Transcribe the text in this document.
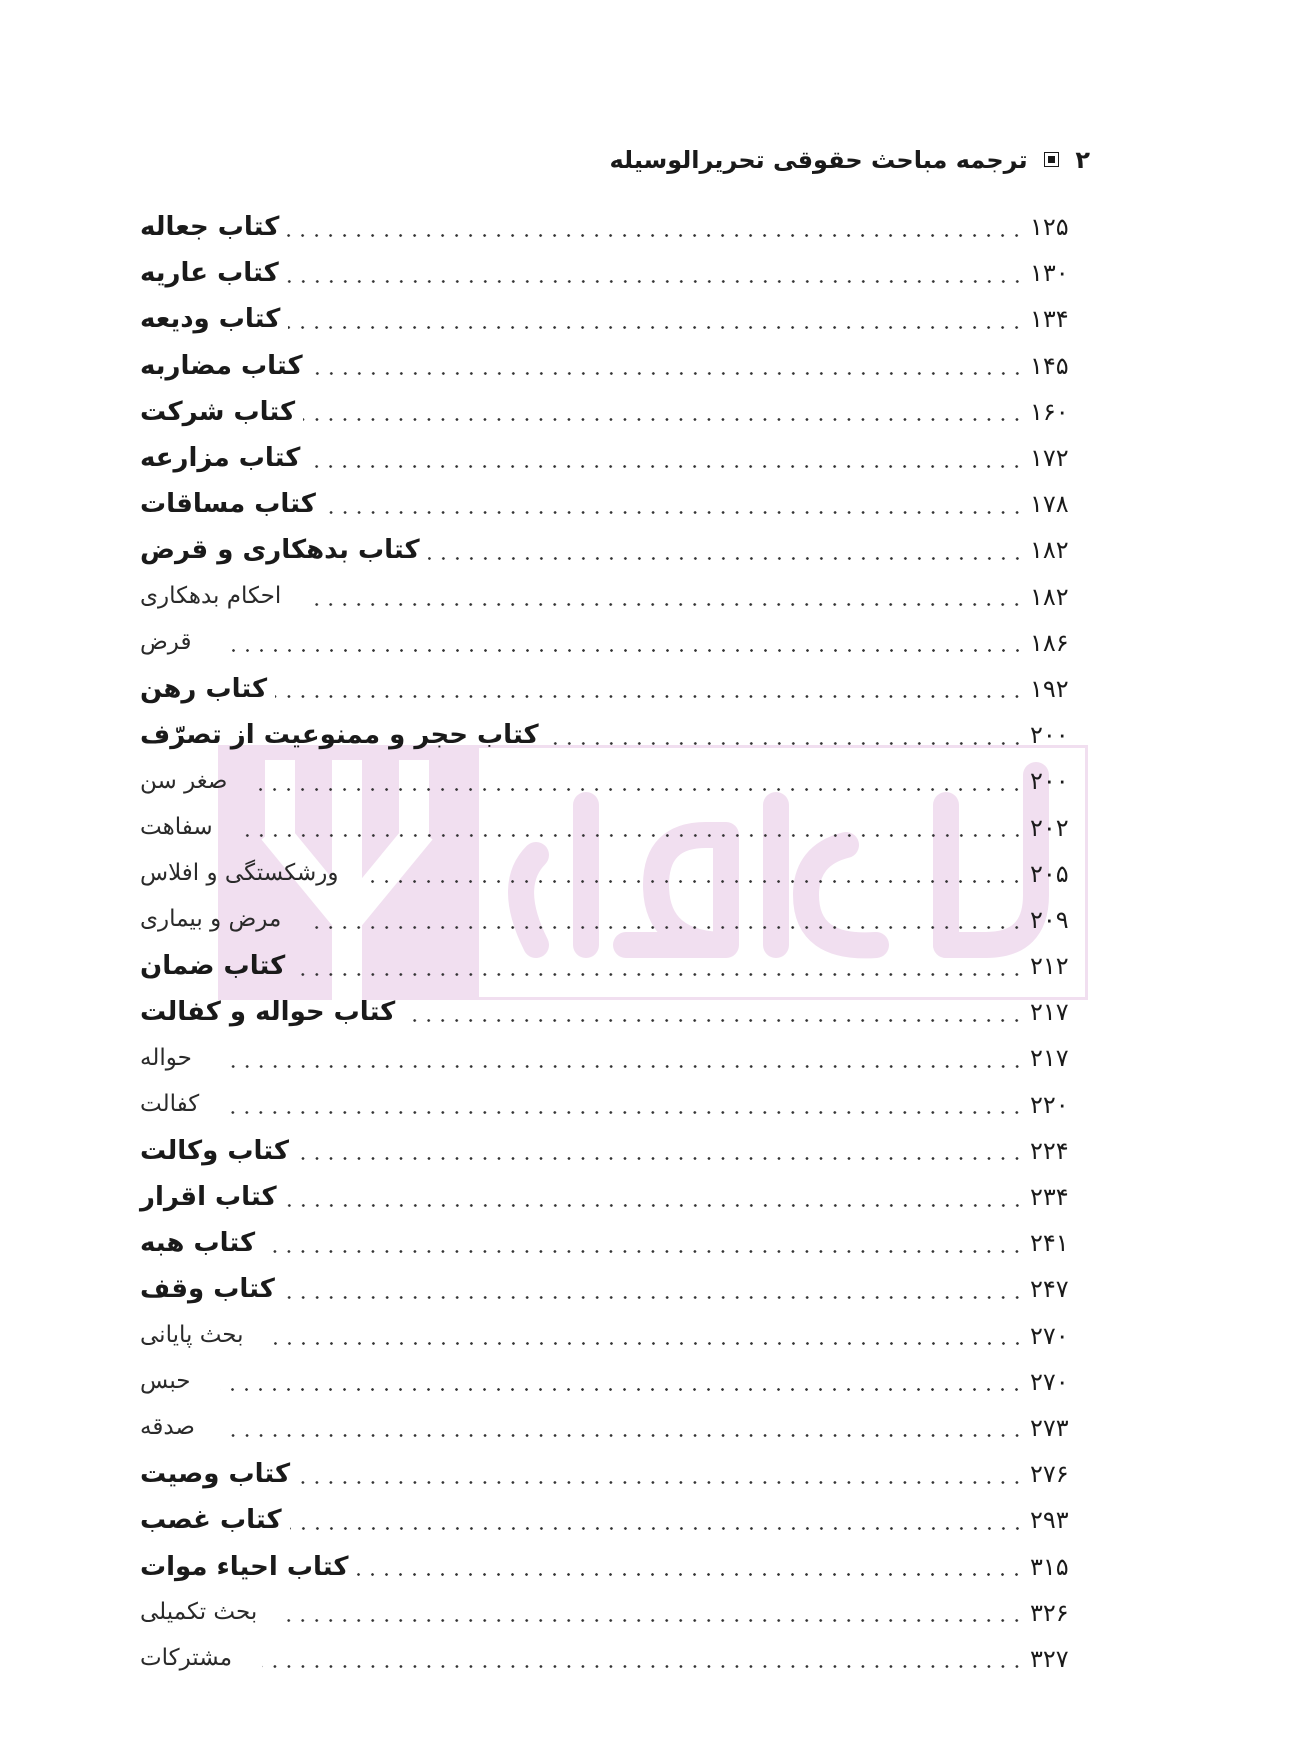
۲  ترجمه مباحث حقوقی تحریرالوسیله
کتاب جعاله	۱۲۵
کتاب عاریه	۱۳۰
کتاب ودیعه	۱۳۴
کتاب مضاربه	۱۴۵
کتاب شرکت	۱۶۰
کتاب مزارعه	۱۷۲
کتاب مساقات	۱۷۸
کتاب بدهکاری و قرض	۱۸۲
احکام بدهکاری	۱۸۲
قرض	۱۸۶
کتاب رهن	۱۹۲
کتاب حجر و ممنوعیت از تصرّف	۲۰۰
صغر سن	۲۰۰
سفاهت	۲۰۲
ورشکستگی و افلاس	۲۰۵
مرض و بیماری	۲۰۹
کتاب ضمان	۲۱۲
کتاب حواله و کفالت	۲۱۷
حواله	۲۱۷
کفالت	۲۲۰
کتاب وکالت	۲۲۴
کتاب اقرار	۲۳۴
کتاب هبه	۲۴۱
کتاب وقف	۲۴۷
بحث پایانی	۲۷۰
حبس	۲۷۰
صدقه	۲۷۳
کتاب وصیت	۲۷۶
کتاب غصب	۲۹۳
کتاب احیاء موات	۳۱۵
بحث تکمیلی	۳۲۶
مشترکات	۳۲۷
